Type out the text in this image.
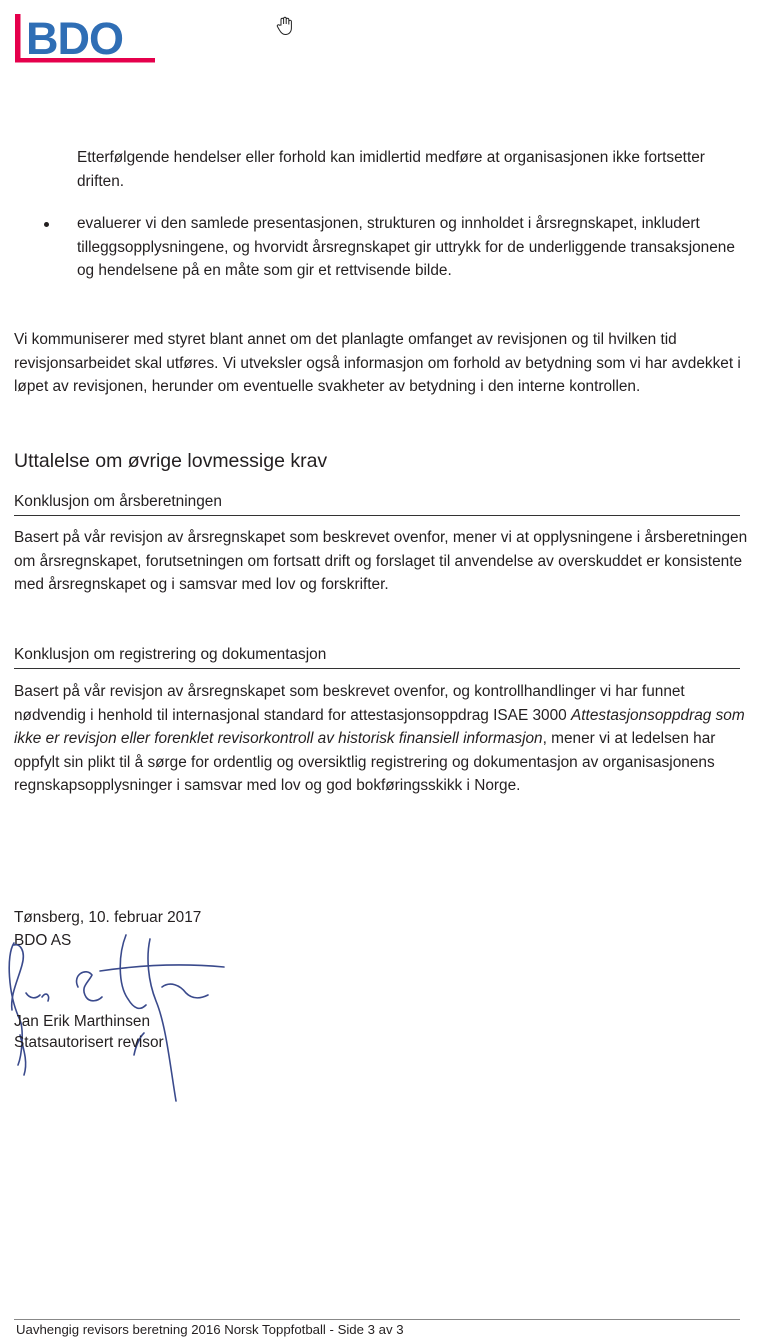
BDO

Etterfølgende hendelser eller forhold kan imidlertid medføre at organisasjonen ikke fortsetter driften.

evaluerer vi den samlede presentasjonen, strukturen og innholdet i årsregnskapet, inkludert tilleggsopplysningene, og hvorvidt årsregnskapet gir uttrykk for de underliggende transaksjonene og hendelsene på en måte som gir et rettvisende bilde.

Vi kommuniserer med styret blant annet om det planlagte omfanget av revisjonen og til hvilken tid revisjonsarbeidet skal utføres. Vi utveksler også informasjon om forhold av betydning som vi har avdekket i løpet av revisjonen, herunder om eventuelle svakheter av betydning i den interne kontrollen.

Uttalelse om øvrige lovmessige krav
Konklusjon om årsberetningen

Basert på vår revisjon av årsregnskapet som beskrevet ovenfor, mener vi at opplysningene i årsberetningen om årsregnskapet, forutsetningen om fortsatt drift og forslaget til anvendelse av overskuddet er konsistente med årsregnskapet og i samsvar med lov og forskrifter.

Konklusjon om registrering og dokumentasjon

Basert på vår revisjon av årsregnskapet som beskrevet ovenfor, og kontrollhandlinger vi har funnet nødvendig i henhold til internasjonal standard for attestasjonsoppdrag ISAE 3000 Attestasjonsoppdrag som ikke er revisjon eller forenklet revisorkontroll av historisk finansiell informasjon, mener vi at ledelsen har oppfylt sin plikt til å sørge for ordentlig og oversiktlig registrering og dokumentasjon av organisasjonens regnskapsopplysninger i samsvar med lov og god bokføringsskikk i Norge.

Tønsberg, 10. februar 2017

BDO AS

Jan Erik Marthinsen

Statsautorisert revisor

Uavhengig revisors beretning 2016 Norsk Toppfotball - Side 3 av 3
